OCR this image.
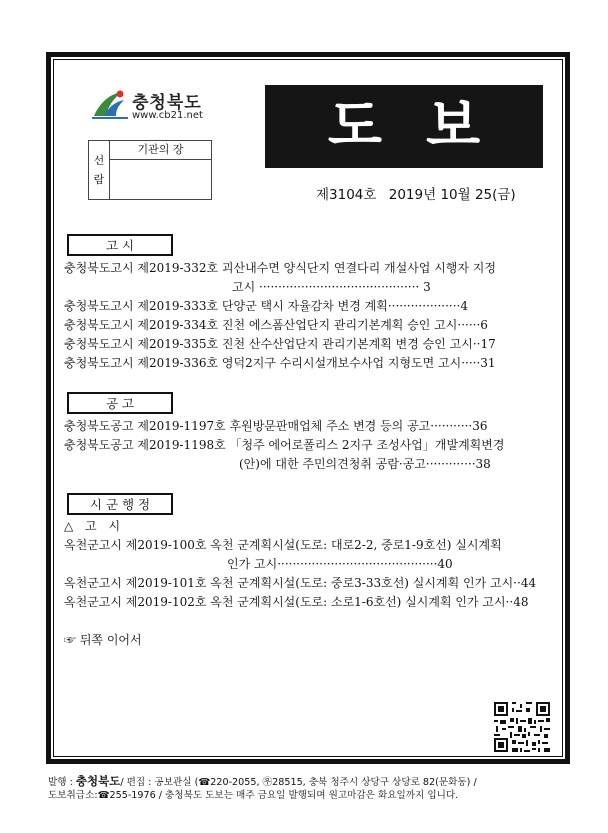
충청북도
www.cb21.net	도보
선
람
기관의 장
제3104호 2019년 10월 25(금)
고 시
충청북도고시 제2019-332호 괴산내수면 양식단지 연결다리 개설사업 시행자 지정
고시 ·········································· 3
충청북도고시 제2019-333호 단양군 택시 자율감차 변경 계획···················4
충청북도고시 제2019-334호 진천 에스폼산업단지 관리기본계획 승인 고시······6
충청북도고시 제2019-335호 진천 산수산업단지 관리기본계획 변경 승인 고시··17
충청북도고시 제2019-336호 영덕2지구 수리시설개보수사업 지형도면 고시·····31
공 고
충청북도공고 제2019-1197호 후원방문판매업체 주소 변경 등의 공고···········36
충청북도공고 제2019-1198호 「청주 에어로폴리스 2지구 조성사업」개발계획변경
(안)에 대한 주민의견청취 공람·공고·············38
시 군 행 정
△ 고 시
옥천군고시 제2019-100호 옥천 군계획시설(도로: 대로2-2, 중로1-9호선) 실시계획
인가 고시··········································40
옥천군고시 제2019-101호 옥천 군계획시설(도로: 중로3-33호선) 실시계획 인가 고시··44
옥천군고시 제2019-102호 옥천 군계획시설(도로: 소로1-6호선) 실시계획 인가 고시··48
☞ 뒤쪽 이어서
발행 : 충청북도/ 편집 : 공보관실 (☎220-2055, ㉾28515, 충북 청주시 상당구 상당로 82(문화동) /
도보취급소:☎255-1976 / 충청북도 도보는 매주 금요일 발행되며 원고마감은 화요일까지 입니다.
